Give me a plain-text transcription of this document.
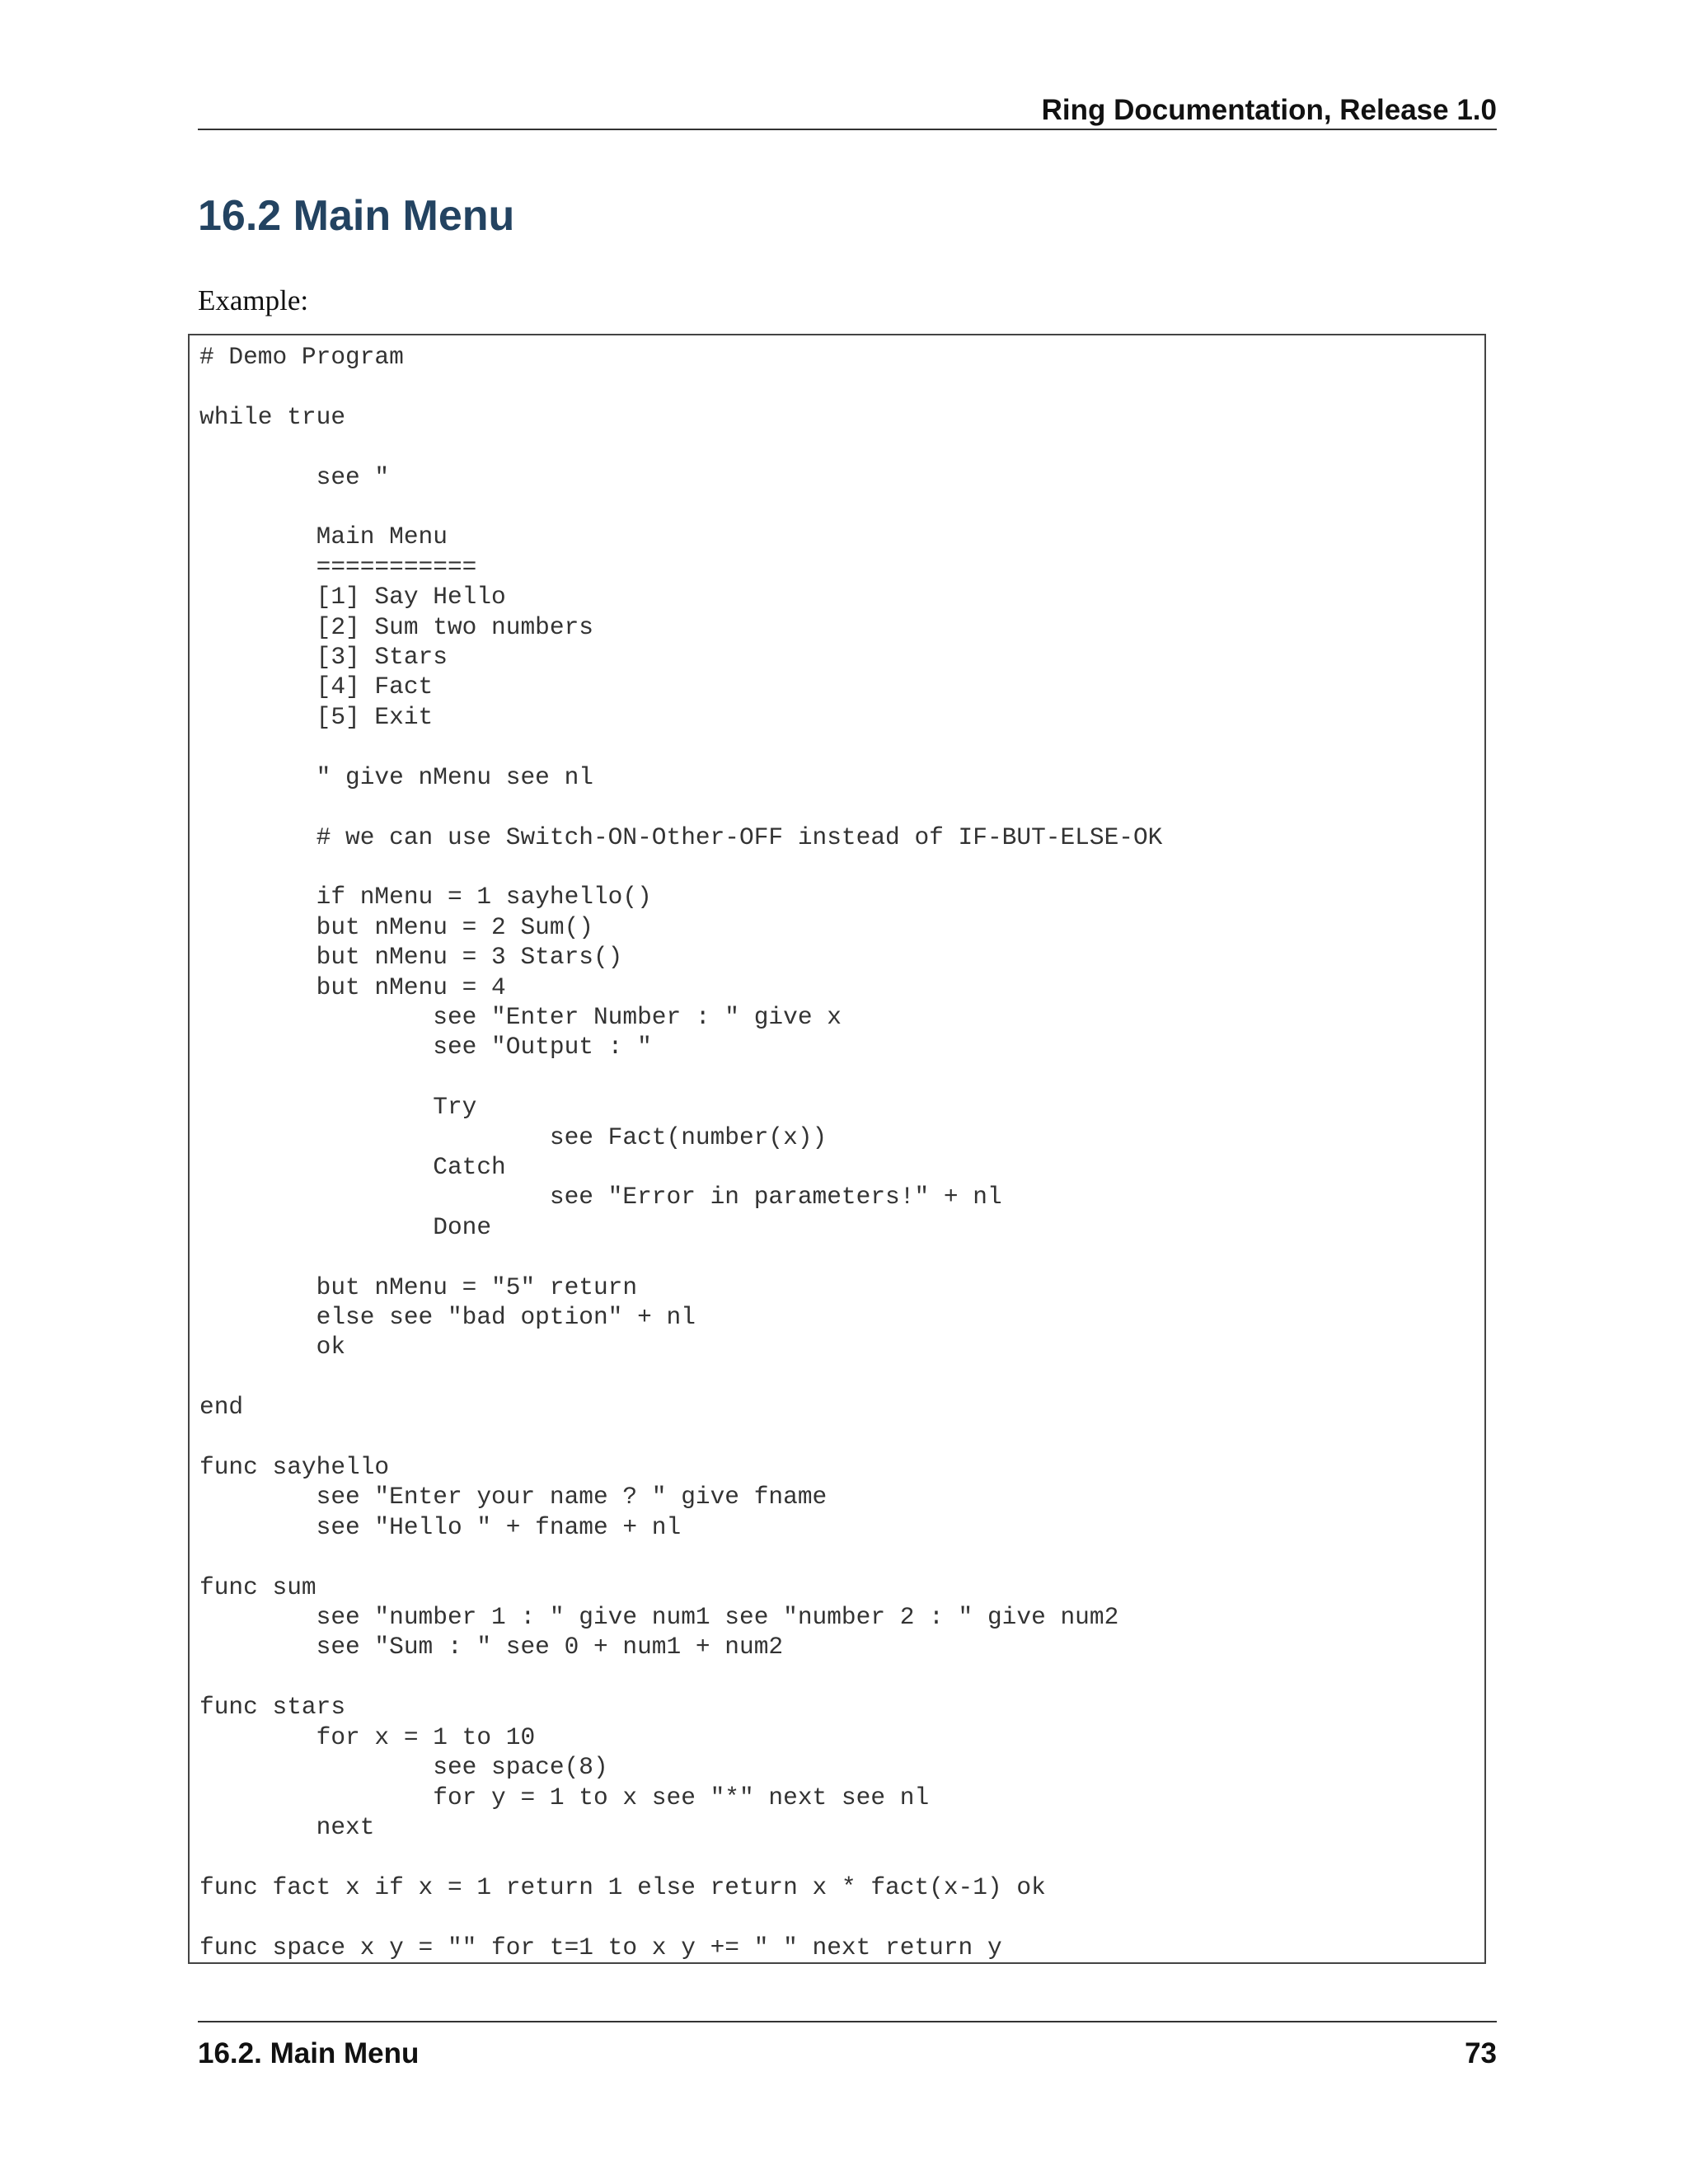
Ring Documentation, Release 1.0
16.2 Main Menu

Example:

# Demo Program

while true

see "

Main Menu
===========
[1] Say Hello
[2] Sum two numbers
[3] Stars
[4] Fact
[5] Exit

" give nMenu see nl

# we can use Switch-ON-Other-OFF instead of IF-BUT-ELSE-OK

if nMenu = 1 sayhello()
but nMenu = 2 Sum()
but nMenu = 3 Stars()
but nMenu = 4
see "Enter Number : " give x
see "Output : "

Try
see Fact(number(x))
Catch
see "Error in parameters!" + nl
Done

but nMenu = "5" return
else see "bad option" + nl
ok

end

func sayhello
see "Enter your name ? " give fname
see "Hello " + fname + nl

func sum
see "number 1 : " give num1 see "number 2 : " give num2
see "Sum : " see 0 + num1 + num2

func stars
for x = 1 to 10
see space(8)
for y = 1 to x see "*" next see nl
next

func fact x if x = 1 return 1 else return x * fact(x-1) ok

func space x y = "" for t=1 to x y += " " next return y

16.2. Main Menu	73
